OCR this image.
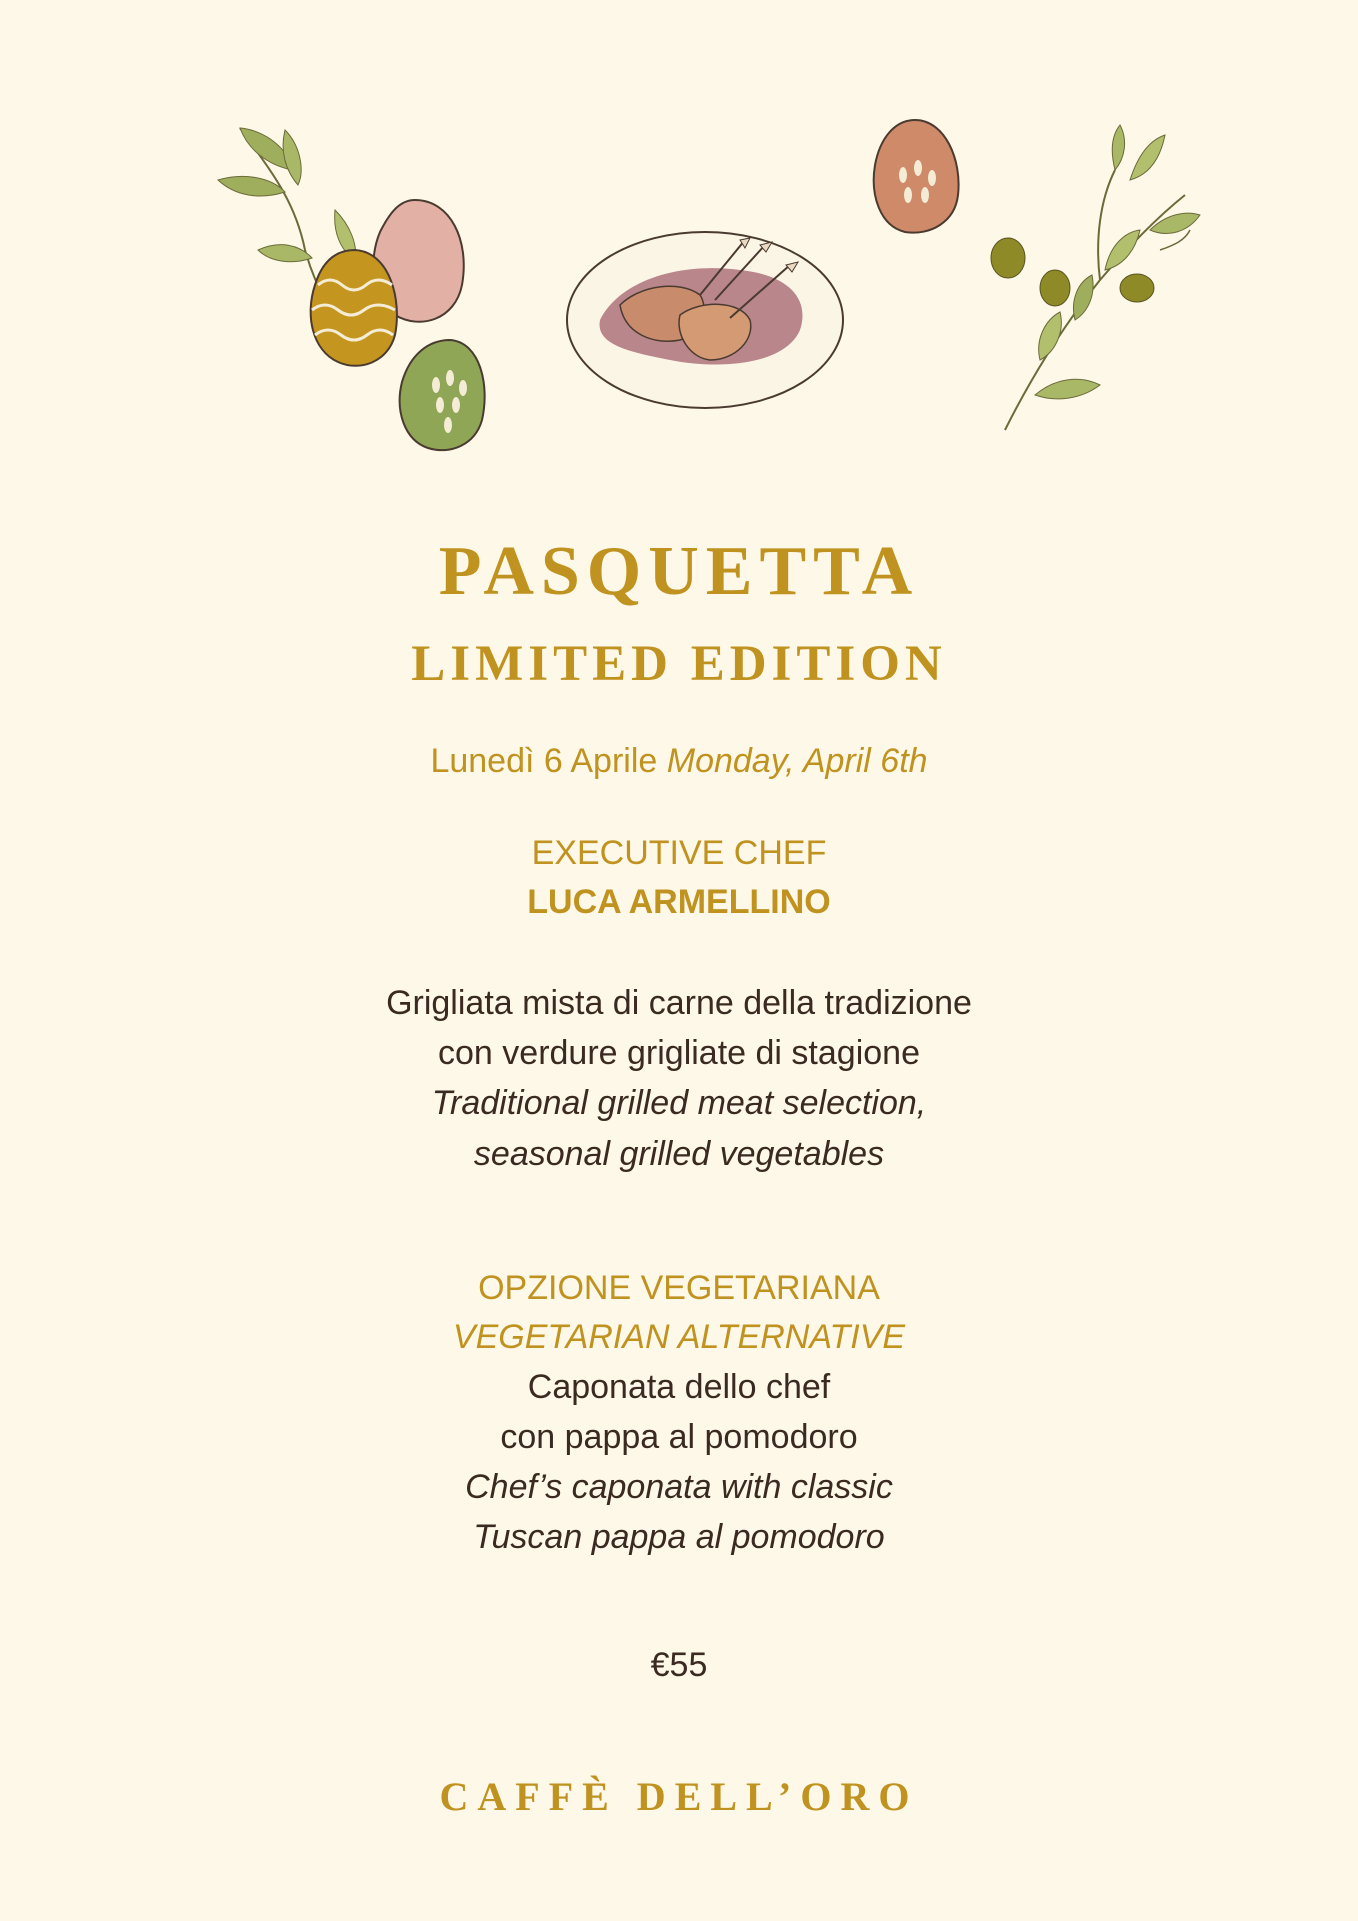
PASQUETTA
LIMITED EDITION
Lunedì 6 Aprile Monday, April 6th
EXECUTIVE CHEF
LUCA ARMELLINO
Grigliata mista di carne della tradizione
con verdure grigliate di stagione
Traditional grilled meat selection,
seasonal grilled vegetables
OPZIONE VEGETARIANA
VEGETARIAN ALTERNATIVE
Caponata dello chef
con pappa al pomodoro
Chef’s caponata with classic
Tuscan pappa al pomodoro
€55
CAFFÈ DELL’ORO
